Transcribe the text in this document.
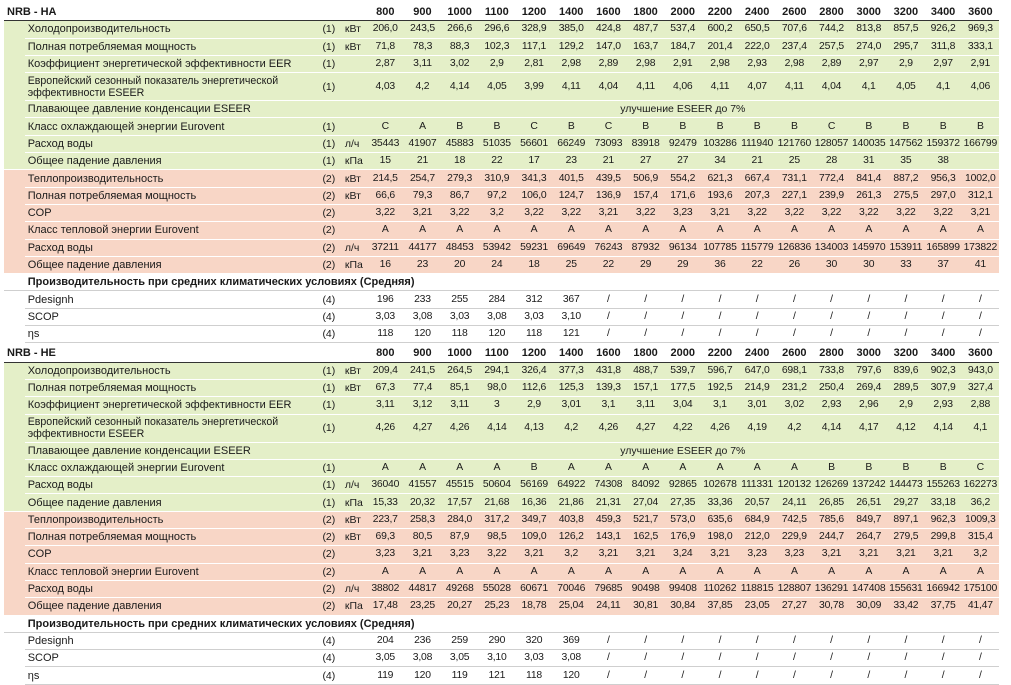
NRB - HA				800	900	1000	1100	1200	1400	1600	1800	2000	2200	2400	2600	2800	3000	3200	3400	3600
	Холодопроизводительность	(1)	кВт	206,0	243,5	266,6	296,6	328,9	385,0	424,8	487,7	537,4	600,2	650,5	707,6	744,2	813,8	857,5	926,2	969,3
	Полная потребляемая мощность	(1)	кВт	71,8	78,3	88,3	102,3	117,1	129,2	147,0	163,7	184,7	201,4	222,0	237,4	257,5	274,0	295,7	311,8	333,1
	Коэффициент энергетической эффективности EER	(1)		2,87	3,11	3,02	2,9	2,81	2,98	2,89	2,98	2,91	2,98	2,93	2,98	2,89	2,97	2,9	2,97	2,91
	Европейский сезонный показатель энергетической эффективности ESEER	(1)		4,03	4,2	4,14	4,05	3,99	4,11	4,04	4,11	4,06	4,11	4,07	4,11	4,04	4,1	4,05	4,1	4,06
	Плавающее давление конденсации ESEER			улучшение ESEER до 7%																
	Класс охлаждающей энергии Eurovent	(1)		C	A	B	B	C	B	C	B	B	B	B	B	C	B	B	B	B
	Расход воды	(1)	л/ч	35443	41907	45883	51035	56601	66249	73093	83918	92479	103286	111940	121760	128057	140035	147562	159372	166799
	Общее падение давления	(1)	кПа	15	21	18	22	17	23	21	27	27	34	21	25	28	31	35	38	
	Теплопроизводительность	(2)	кВт	214,5	254,7	279,3	310,9	341,3	401,5	439,5	506,9	554,2	621,3	667,4	731,1	772,4	841,4	887,2	956,3	1002,0
	Полная потребляемая мощность	(2)	кВт	66,6	79,3	86,7	97,2	106,0	124,7	136,9	157,4	171,6	193,6	207,3	227,1	239,9	261,3	275,5	297,0	312,1
	COP	(2)		3,22	3,21	3,22	3,2	3,22	3,22	3,21	3,22	3,23	3,21	3,22	3,22	3,22	3,22	3,22	3,22	3,21
	Класс тепловой энергии Eurovent	(2)		A	A	A	A	A	A	A	A	A	A	A	A	A	A	A	A	A
	Расход воды	(2)	л/ч	37211	44177	48453	53942	59231	69649	76243	87932	96134	107785	115779	126836	134003	145970	153911	165899	173822
	Общее падение давления	(2)	кПа	16	23	20	24	18	25	22	29	29	36	22	26	30	30	33	37	41
	Производительность при средних климатических условиях (Средняя)																			
	Pdesignh	(4)		196	233	255	284	312	367	/	/	/	/	/	/	/	/	/	/	/
	SCOP	(4)		3,03	3,08	3,03	3,08	3,03	3,10	/	/	/	/	/	/	/	/	/	/	/
	ηs	(4)		118	120	118	120	118	121	/	/	/	/	/	/	/	/	/	/	/

NRB - HE				800	900	1000	1100	1200	1400	1600	1800	2000	2200	2400	2600	2800	3000	3200	3400	3600
	Холодопроизводительность	(1)	кВт	209,4	241,5	264,5	294,1	326,4	377,3	431,8	488,7	539,7	596,7	647,0	698,1	733,8	797,6	839,6	902,3	943,0
	Полная потребляемая мощность	(1)	кВт	67,3	77,4	85,1	98,0	112,6	125,3	139,3	157,1	177,5	192,5	214,9	231,2	250,4	269,4	289,5	307,9	327,4
	Коэффициент энергетической эффективности EER	(1)		3,11	3,12	3,11	3	2,9	3,01	3,1	3,11	3,04	3,1	3,01	3,02	2,93	2,96	2,9	2,93	2,88
	Европейский сезонный показатель энергетической эффективности ESEER	(1)		4,26	4,27	4,26	4,14	4,13	4,2	4,26	4,27	4,22	4,26	4,19	4,2	4,14	4,17	4,12	4,14	4,1
	Плавающее давление конденсации ESEER			улучшение ESEER до 7%																
	Класс охлаждающей энергии Eurovent	(1)		A	A	A	A	B	A	A	A	A	A	A	A	B	B	B	B	C
	Расход воды	(1)	л/ч	36040	41557	45515	50604	56169	64922	74308	84092	92865	102678	111331	120132	126269	137242	144473	155263	162273
	Общее падение давления	(1)	кПа	15,33	20,32	17,57	21,68	16,36	21,86	21,31	27,04	27,35	33,36	20,57	24,11	26,85	26,51	29,27	33,18	36,2
	Теплопроизводительность	(2)	кВт	223,7	258,3	284,0	317,2	349,7	403,8	459,3	521,7	573,0	635,6	684,9	742,5	785,6	849,7	897,1	962,3	1009,3
	Полная потребляемая мощность	(2)	кВт	69,3	80,5	87,9	98,5	109,0	126,2	143,1	162,5	176,9	198,0	212,0	229,9	244,7	264,7	279,5	299,8	315,4
	COP	(2)		3,23	3,21	3,23	3,22	3,21	3,2	3,21	3,21	3,24	3,21	3,23	3,23	3,21	3,21	3,21	3,21	3,2
	Класс тепловой энергии Eurovent	(2)		A	A	A	A	A	A	A	A	A	A	A	A	A	A	A	A	A
	Расход воды	(2)	л/ч	38802	44817	49268	55028	60671	70046	79685	90498	99408	110262	118815	128807	136291	147408	155631	166942	175100
	Общее падение давления	(2)	кПа	17,48	23,25	20,27	25,23	18,78	25,04	24,11	30,81	30,84	37,85	23,05	27,27	30,78	30,09	33,42	37,75	41,47
	Производительность при средних климатических условиях (Средняя)																			
	Pdesignh	(4)		204	236	259	290	320	369	/	/	/	/	/	/	/	/	/	/	/
	SCOP	(4)		3,05	3,08	3,05	3,10	3,03	3,08	/	/	/	/	/	/	/	/	/	/	/
	ηs	(4)		119	120	119	121	118	120	/	/	/	/	/	/	/	/	/	/	/
